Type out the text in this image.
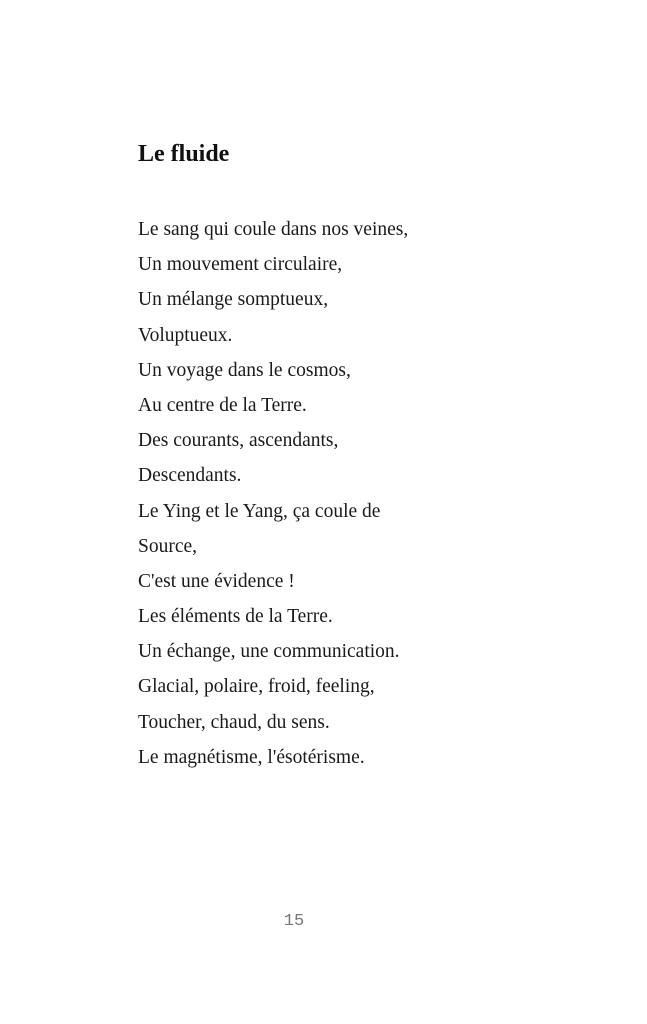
Le fluide
Le sang qui coule dans nos veines,
Un mouvement circulaire,
Un mélange somptueux,
Voluptueux.
Un voyage dans le cosmos,
Au centre de la Terre.
Des courants, ascendants,
Descendants.
Le Ying et le Yang, ça coule de
Source,
C'est une évidence !
Les éléments de la Terre.
Un échange, une communication.
Glacial, polaire, froid, feeling,
Toucher, chaud, du sens.
Le magnétisme, l'ésotérisme.
15
